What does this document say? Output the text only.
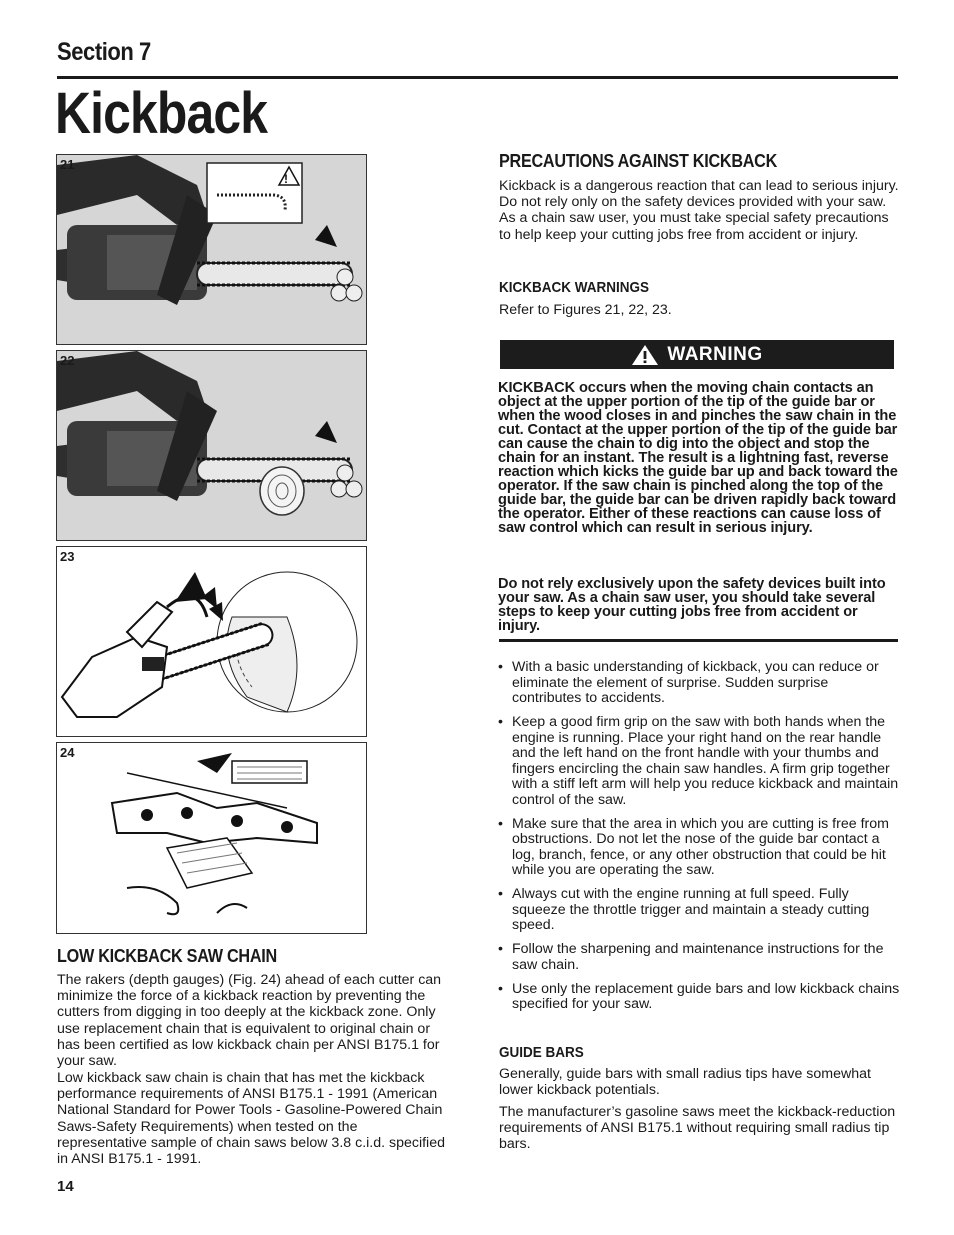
Section 7
Kickback
21
!
22
23
24
LOW KICKBACK SAW CHAIN

The rakers (depth gauges) (Fig. 24) ahead of each cutter can minimize the force of a kickback reaction by preventing the cutters from digging in too deeply at the kickback zone. Only use replacement chain that is equivalent to original chain or has been certified as low kickback chain per ANSI B175.1 for your saw.

Low kickback saw chain is chain that has met the kickback performance requirements of ANSI B175.1 - 1991 (American National Standard for Power Tools - Gasoline-Powered Chain Saws-Safety Requirements) when tested on the representative sample of chain saws below 3.8 c.i.d. specified in ANSI B175.1 - 1991.

PRECAUTIONS AGAINST KICKBACK

Kickback is a dangerous reaction that can lead to serious injury. Do not rely only on the safety devices provided with your saw. As a chain saw user, you must take special safety precautions to help keep your cutting jobs free from accident or injury.

KICKBACK WARNINGS

Refer to Figures 21, 22, 23.

WARNING

KICKBACK occurs when the moving chain contacts an object at the upper portion of the tip of the guide bar or when the wood closes in and pinches the saw chain in the cut. Contact at the upper portion of the tip of the guide bar can cause the chain to dig into the object and stop the chain for an instant. The result is a lightning fast, reverse reaction which kicks the guide bar up and back toward the operator. If the saw chain is pinched along the top of the guide bar, the guide bar can be driven rapidly back toward the operator. Either of these reactions can cause loss of saw control which can result in serious injury.

Do not rely exclusively upon the safety devices built into your saw. As a chain saw user, you should take several steps to keep your cutting jobs free from accident or injury.

• With a basic understanding of kickback, you can reduce or eliminate the element of surprise. Sudden surprise contributes to accidents.
• Keep a good firm grip on the saw with both hands when the engine is running. Place your right hand on the rear handle and the left hand on the front handle with your thumbs and fingers encircling the chain saw handles. A firm grip together with a stiff left arm will help you reduce kickback and maintain control of the saw.
• Make sure that the area in which you are cutting is free from obstructions. Do not let the nose of the guide bar contact a log, branch, fence, or any other obstruction that could be hit while you are operating the saw.
• Always cut with the engine running at full speed. Fully squeeze the throttle trigger and maintain a steady cutting speed.
• Follow the sharpening and maintenance instructions for the saw chain.
• Use only the replacement guide bars and low kickback chains specified for your saw.
GUIDE BARS

Generally, guide bars with small radius tips have somewhat lower kickback potentials.

The manufacturer’s gasoline saws meet the kickback-reduction requirements of ANSI B175.1 without requiring small radius tip bars.

14
